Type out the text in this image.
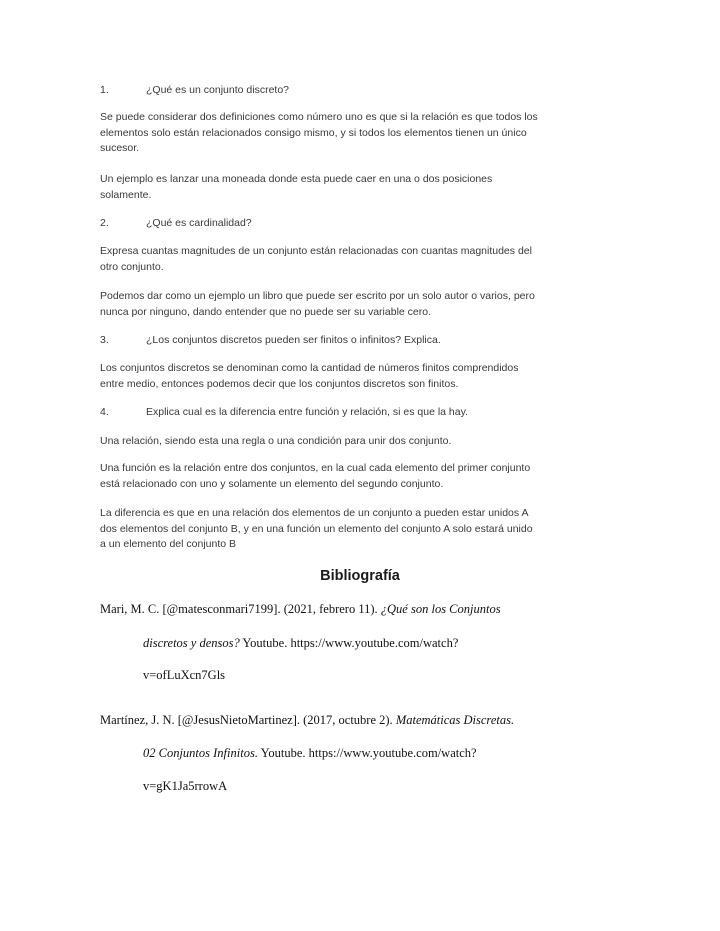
1.	¿Qué es un conjunto discreto?
Se puede considerar dos definiciones como número uno es que si la relación es que todos los
elementos solo están relacionados consigo mismo, y si todos los elementos tienen un único
sucesor.
Un ejemplo es lanzar una moneada donde esta puede caer en una o dos posiciones
solamente.
2.	¿Qué es cardinalidad?
Expresa cuantas magnitudes de un conjunto están relacionadas con cuantas magnitudes del
otro conjunto.
Podemos dar como un ejemplo un libro que puede ser escrito por un solo autor o varios, pero
nunca por ninguno, dando entender que no puede ser su variable cero.
3.	¿Los conjuntos discretos pueden ser finitos o infinitos? Explica.
Los conjuntos discretos se denominan como la cantidad de números finitos comprendidos
entre medio, entonces podemos decir que los conjuntos discretos son finitos.
4.	Explica cual es la diferencia entre función y relación, si es que la hay.
Una relación, siendo esta una regla o una condición para unir dos conjunto.
Una función es la relación entre dos conjuntos, en la cual cada elemento del primer conjunto
está relacionado con uno y solamente un elemento del segundo conjunto.
La diferencia es que en una relación dos elementos de un conjunto a pueden estar unidos A
dos elementos del conjunto B, y en una función un elemento del conjunto A solo estará unido
a un elemento del conjunto B
Bibliografía
Mari, M. C. [@matesconmari7199]. (2021, febrero 11). ¿Qué son los Conjuntos
discretos y densos? Youtube. https://www.youtube.com/watch?
v=ofLuXcn7Gls
Martínez, J. N. [@JesusNietoMartinez]. (2017, octubre 2). Matemáticas Discretas.
02 Conjuntos Infinitos. Youtube. https://www.youtube.com/watch?
v=gK1Ja5rrowA
